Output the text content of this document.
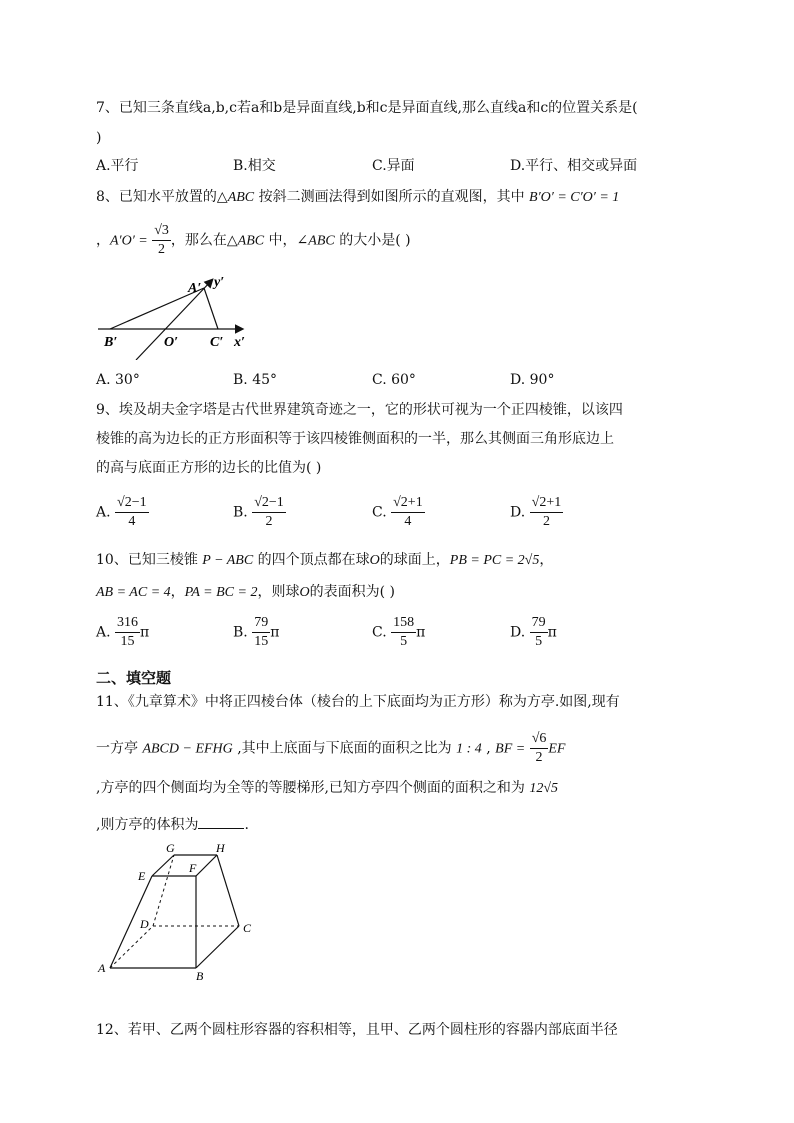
7、已知三条直线a,b,c若a和b是异面直线,b和c是异面直线,那么直线a和c的位置关系是(
)
A.平行	B.相交	C.异面	D.平行、相交或异面
8、已知水平放置的△ABC 按斜二测画法得到如图所示的直观图，其中 B′O′ = C′O′ = 1
，$A'O' = \frac{√3}{2}$ ，那么在△ABC 中，∠ABC 的大小是( )
A′ y′
B′	O′ C′ x′
A. 30°	B. 45°	C. 60°	D. 90°
9、埃及胡夫金字塔是古代世界建筑奇迹之一，它的形状可视为一个正四棱锥，以该四
棱锥的高为边长的正方形面积等于该四棱锥侧面积的一半，那么其侧面三角形底边上
的高与底面正方形的边长的比值为( )
A. $\frac{√2-1}{4}$	B. $\frac{√2-1}{2}$	C. $\frac{√2+1}{4}$	D. $\frac{√2+1}{2}$
10、已知三棱锥 P − ABC 的四个顶点都在球O的球面上，PB = PC = 2√5，
AB = AC = 4，PA = BC = 2，则球O的表面积为( )
A. $\frac{316}{15}$ π	B. $\frac{79}{15}$ π	C. $\frac{158}{5}$ π	D. $\frac{79}{5}$ π
二、填空题
11、《九章算术》中将正四棱台体（棱台的上下底面均为正方形）称为方亭.如图,现有
一方亭 ABCD − EFHG ,其中上底面与下底面的面积之比为 1 : 4 , BF = $\frac{√6}{2}$ EF
,方亭的四个侧面均为全等的等腰梯形,已知方亭四个侧面的面积之和为 12√5
,则方亭的体积为	.
G	H
E
F
D	C
A
B
12、若甲、乙两个圆柱形容器的容积相等，且甲、乙两个圆柱形的容器内部底面半径
